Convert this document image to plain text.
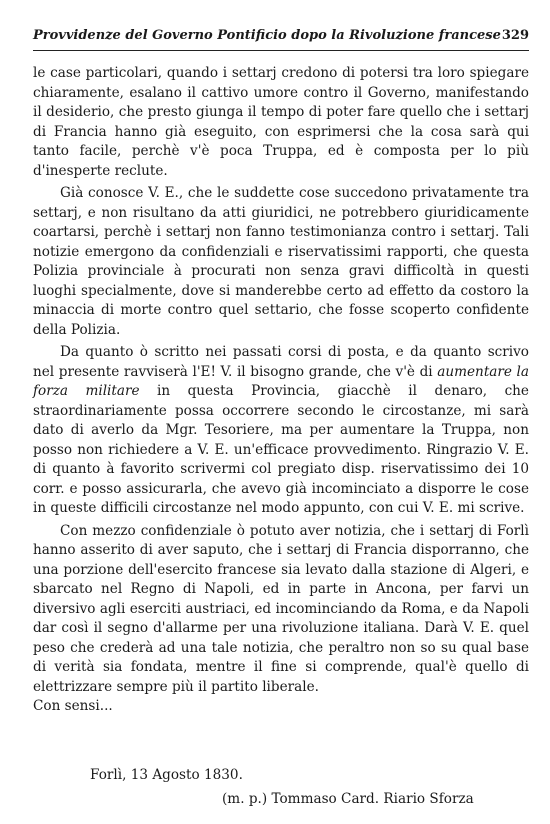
Provvidenze del Governo Pontificio dopo la Rivoluzione francese 329

le case particolari, quando i settarj credono di potersi tra loro spiegare chiaramente, esalano il cattivo umore contro il Governo, manifestando il desiderio, che presto giunga il tempo di poter fare quello che i settarj di Francia hanno già eseguito, con esprimersi che la cosa sarà qui tanto facile, perchè v'è poca Truppa, ed è composta per lo più d'inesperte reclute.

Già conosce V. E., che le suddette cose succedono privatamente tra settarj, e non risultano da atti giuridici, ne potrebbero giuridicamente coartarsi, perchè i settarj non fanno testimonianza contro i settarj. Tali notizie emergono da confidenziali e riservatissimi rapporti, che questa Polizia provinciale à procurati non senza gravi difficoltà in questi luoghi specialmente, dove si manderebbe certo ad effetto da costoro la minaccia di morte contro quel settario, che fosse scoperto confidente della Polizia.

Da quanto ò scritto nei passati corsi di posta, e da quanto scrivo nel presente ravviserà l'E! V. il bisogno grande, che v'è di aumentare la forza militare in questa Provincia, giacchè il denaro, che straordinariamente possa occorrere secondo le circostanze, mi sarà dato di averlo da Mgr. Tesoriere, ma per aumentare la Truppa, non posso non richiedere a V. E. un'efficace provvedimento. Ringrazio V. E. di quanto à favorito scrivermi col pregiato disp. riservatissimo dei 10 corr. e posso assicurarla, che avevo già incominciato a disporre le cose in queste difficili circostanze nel modo appunto, con cui V. E. mi scrive.

Con mezzo confidenziale ò potuto aver notizia, che i settarj di Forlì hanno asserito di aver saputo, che i settarj di Francia disporranno, che una porzione dell'esercito francese sia levato dalla stazione di Algeri, e sbarcato nel Regno di Napoli, ed in parte in Ancona, per farvi un diversivo agli eserciti austriaci, ed incominciando da Roma, e da Napoli dar così il segno d'allarme per una rivoluzione italiana. Darà V. E. quel peso che crederà ad una tale notizia, che peraltro non so su qual base di verità sia fondata, mentre il fine si comprende, qual'è quello di elettrizzare sempre più il partito liberale.

Con sensi...

Forlì, 13 Agosto 1830.
(m. p.) Tommaso Card. Riario Sforza
